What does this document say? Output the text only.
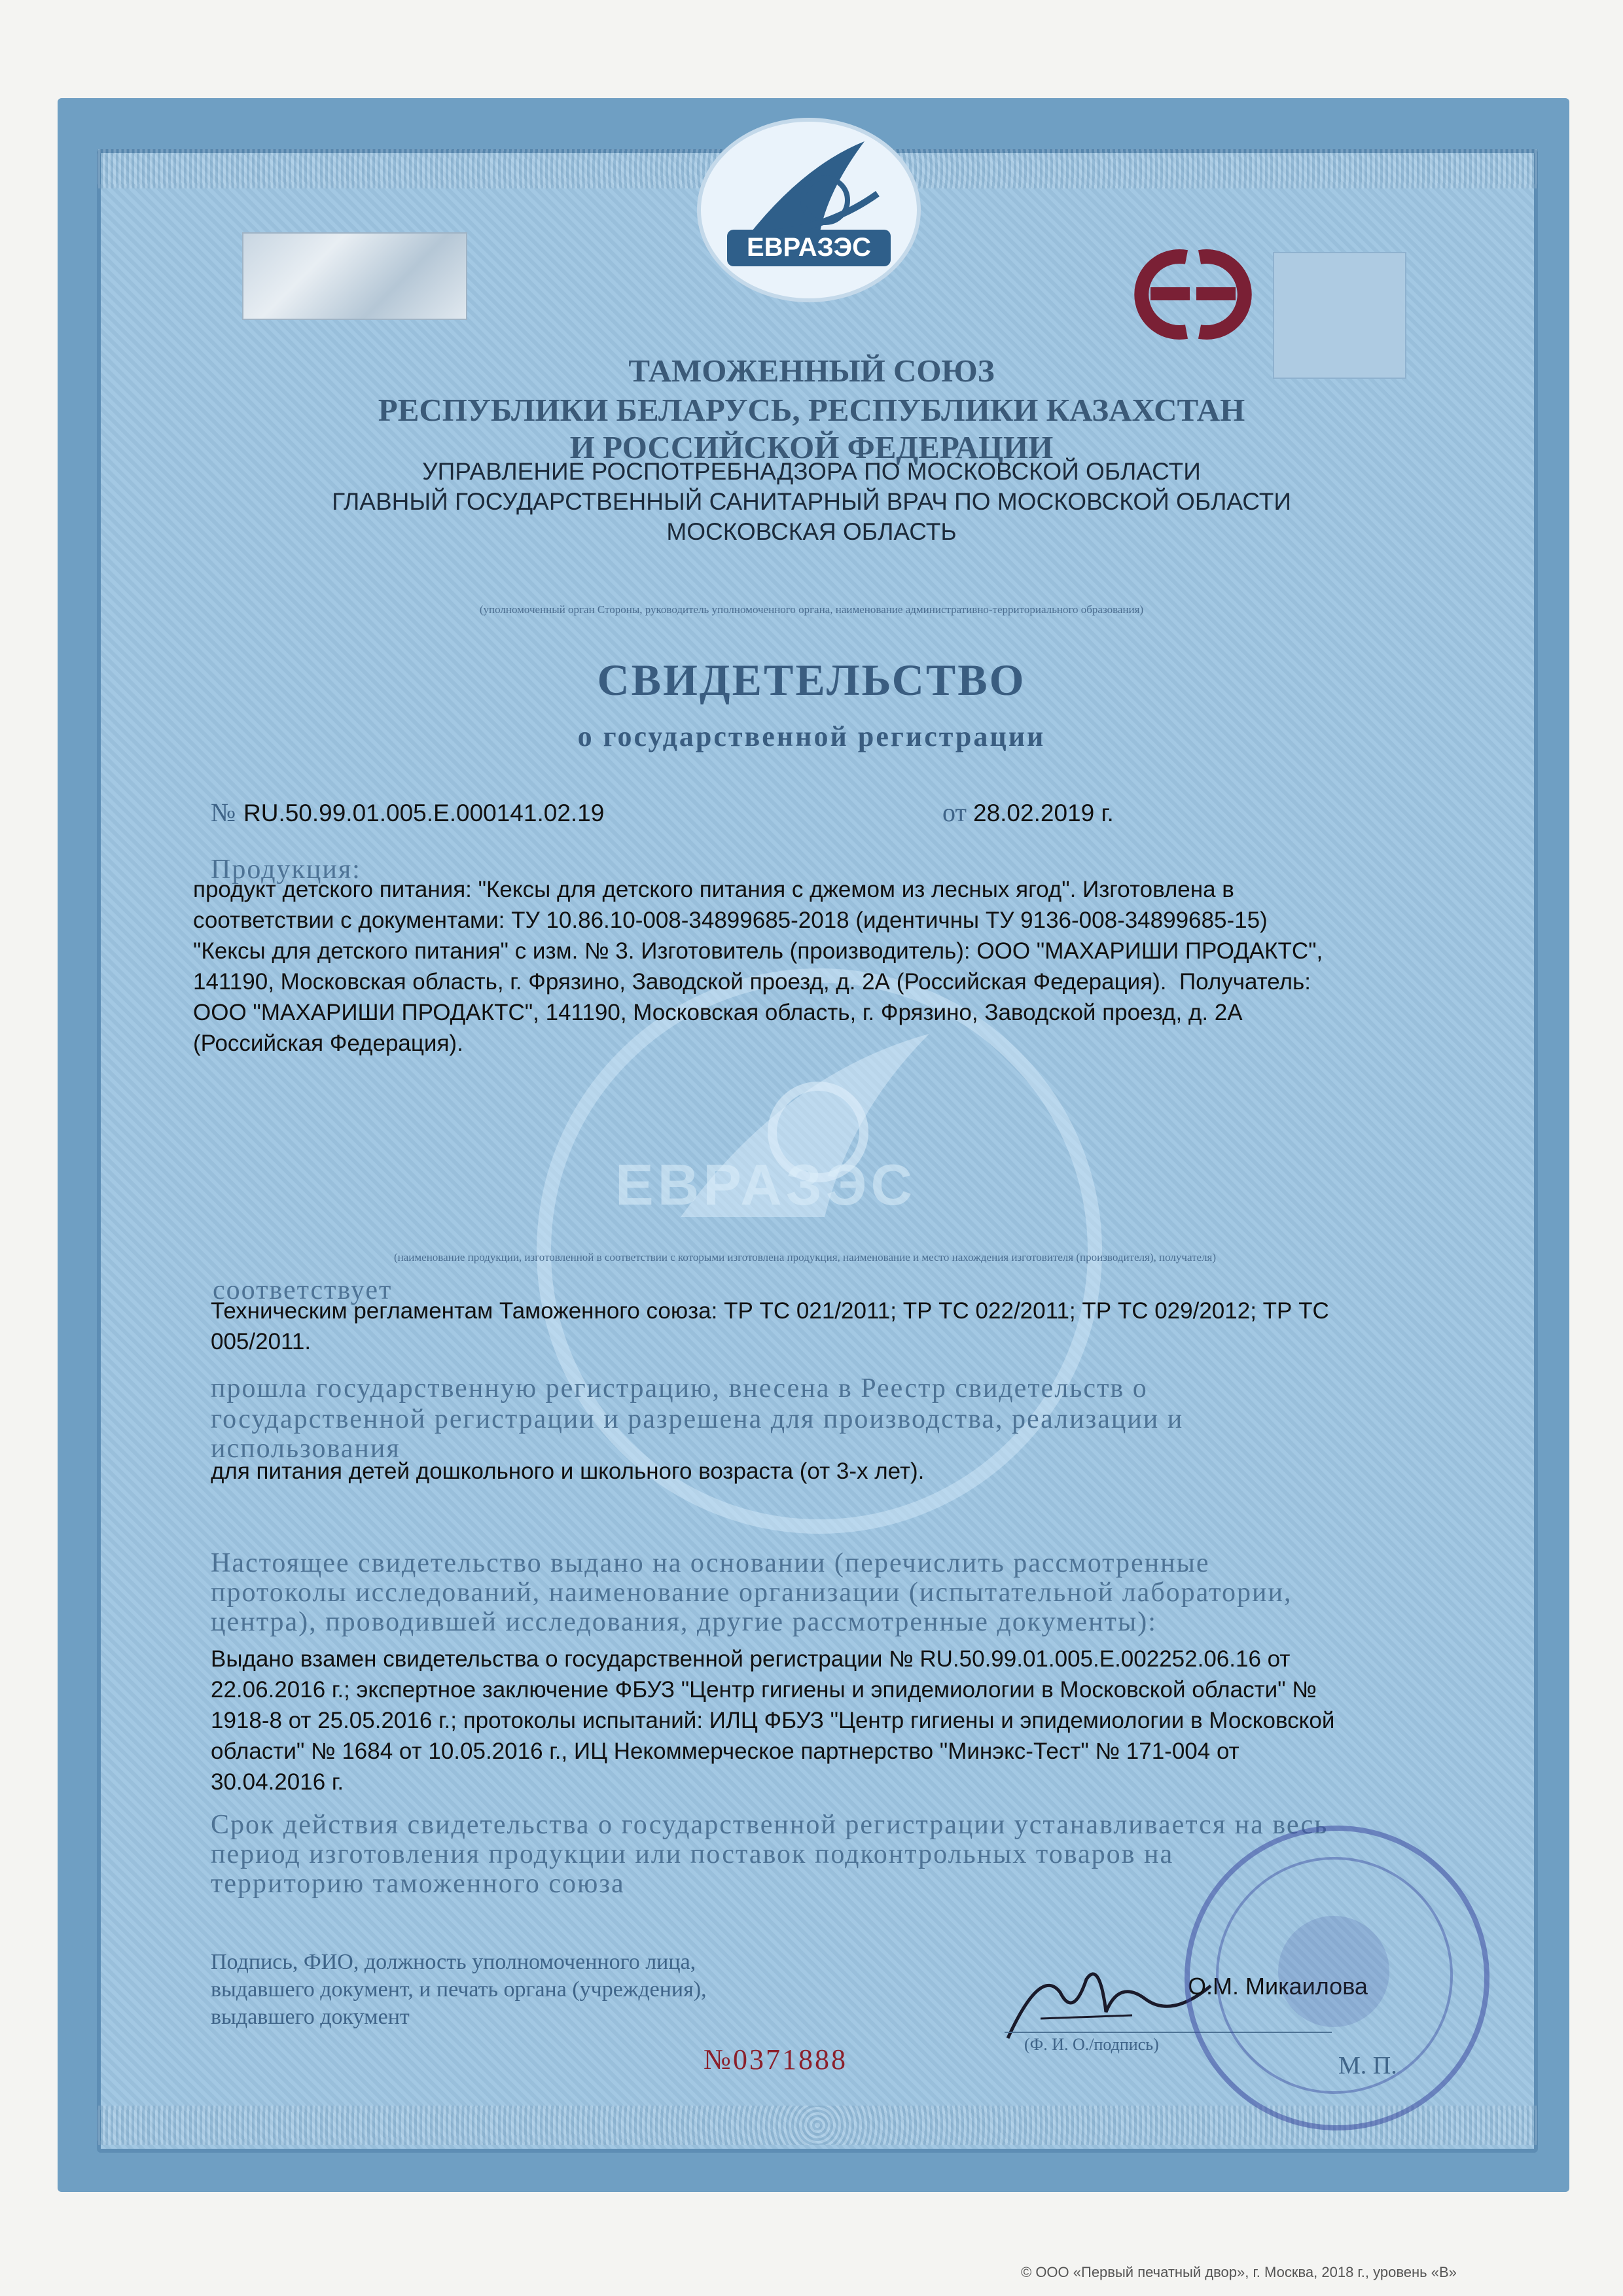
ЕВРАЗЭС
ЕВРАЗЭС
ТАМОЖЕННЫЙ СОЮЗ
РЕСПУБЛИКИ БЕЛАРУСЬ, РЕСПУБЛИКИ КАЗАХСТАН
И РОССИЙСКОЙ ФЕДЕРАЦИИ
УПРАВЛЕНИЕ РОСПОТРЕБНАДЗОРА ПО МОСКОВСКОЙ ОБЛАСТИ
ГЛАВНЫЙ ГОСУДАРСТВЕННЫЙ САНИТАРНЫЙ ВРАЧ ПО МОСКОВСКОЙ ОБЛАСТИ
МОСКОВСКАЯ ОБЛАСТЬ
(уполномоченный орган Стороны, руководитель уполномоченного органа, наименование административно-территориального образования)
СВИДЕТЕЛЬСТВО
о государственной регистрации
№ RU.50.99.01.005.Е.000141.02.19	от 28.02.2019 г.
Продукция:
продукт детского питания: "Кексы для детского питания с джемом из лесных ягод". Изготовлена в
соответствии с документами: ТУ 10.86.10-008-34899685-2018 (идентичны ТУ 9136-008-34899685-15)
"Кексы для детского питания" с изм. № 3. Изготовитель (производитель): ООО "МАХАРИШИ ПРОДАКТС",
141190, Московская область, г. Фрязино, Заводской проезд, д. 2А (Российская Федерация).  Получатель:
ООО "МАХАРИШИ ПРОДАКТС", 141190, Московская область, г. Фрязино, Заводской проезд, д. 2А
(Российская Федерация).
(наименование продукции, изготовленной в соответствии с которыми изготовлена продукция, наименование и место нахождения изготовителя (производителя), получателя)
соответствует
Техническим регламентам Таможенного союза: ТР ТС 021/2011; ТР ТС 022/2011; ТР ТС 029/2012; ТР ТС
005/2011.
прошла государственную регистрацию, внесена в Реестр свидетельств о
государственной регистрации и разрешена для производства, реализации и
использования
для питания детей дошкольного и школьного возраста (от 3-х лет).
Настоящее свидетельство выдано на основании (перечислить рассмотренные
протоколы исследований, наименование организации (испытательной лаборатории,
центра), проводившей исследования, другие рассмотренные документы):
Выдано взамен свидетельства о государственной регистрации № RU.50.99.01.005.Е.002252.06.16 от
22.06.2016 г.; экспертное заключение ФБУЗ "Центр гигиены и эпидемиологии в Московской области" №
1918-8 от 25.05.2016 г.; протоколы испытаний: ИЛЦ ФБУЗ "Центр гигиены и эпидемиологии в Московской
области" № 1684 от 10.05.2016 г., ИЦ Некоммерческое партнерство "Минэкс-Тест" № 171-004 от
30.04.2016 г.
Срок действия свидетельства о государственной регистрации устанавливается на весь
период изготовления продукции или поставок подконтрольных товаров на
территорию таможенного союза
Подпись, ФИО, должность уполномоченного лица,
выдавшего документ, и печать органа (учреждения),
выдавшего документ
О.М. Микаилова
(Ф. И. О./подпись)
М. П.
№0371888
© ООО «Первый печатный двор», г. Москва, 2018 г., уровень «В»
